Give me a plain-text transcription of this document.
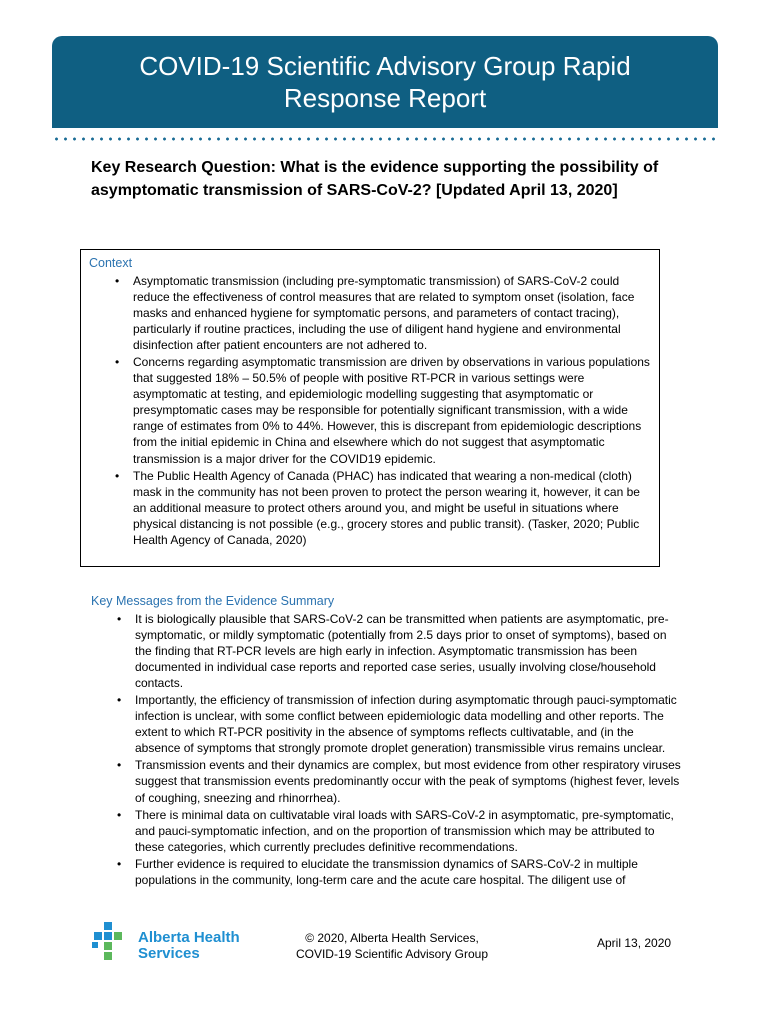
COVID-19 Scientific Advisory Group Rapid Response Report

Key Research Question: What is the evidence supporting the possibility of asymptomatic transmission of SARS-CoV-2? [Updated April 13, 2020]

Context
• Asymptomatic transmission (including pre-symptomatic transmission) of SARS-CoV-2 could reduce the effectiveness of control measures that are related to symptom onset (isolation, face masks and enhanced hygiene for symptomatic persons, and parameters of contact tracing), particularly if routine practices, including the use of diligent hand hygiene and environmental disinfection after patient encounters are not adhered to.
• Concerns regarding asymptomatic transmission are driven by observations in various populations that suggested 18% – 50.5% of people with positive RT-PCR in various settings were asymptomatic at testing, and epidemiologic modelling suggesting that asymptomatic or presymptomatic cases may be responsible for potentially significant transmission, with a wide range of estimates from 0% to 44%. However, this is discrepant from epidemiologic descriptions from the initial epidemic in China and elsewhere which do not suggest that asymptomatic transmission is a major driver for the COVID19 epidemic.
• The Public Health Agency of Canada (PHAC) has indicated that wearing a non-medical (cloth) mask in the community has not been proven to protect the person wearing it, however, it can be an additional measure to protect others around you, and might be useful in situations where physical distancing is not possible (e.g., grocery stores and public transit). (Tasker, 2020; Public Health Agency of Canada, 2020)
Key Messages from the Evidence Summary
• It is biologically plausible that SARS-CoV-2 can be transmitted when patients are asymptomatic, pre-symptomatic, or mildly symptomatic (potentially from 2.5 days prior to onset of symptoms), based on the finding that RT-PCR levels are high early in infection. Asymptomatic transmission has been documented in individual case reports and reported case series, usually involving close/household contacts.
• Importantly, the efficiency of transmission of infection during asymptomatic through pauci-symptomatic infection is unclear, with some conflict between epidemiologic data modelling and other reports. The extent to which RT-PCR positivity in the absence of symptoms reflects cultivatable, and (in the absence of symptoms that strongly promote droplet generation) transmissible virus remains unclear.
• Transmission events and their dynamics are complex, but most evidence from other respiratory viruses suggest that transmission events predominantly occur with the peak of symptoms (highest fever, levels of coughing, sneezing and rhinorrhea).
• There is minimal data on cultivatable viral loads with SARS-CoV-2 in asymptomatic, pre-symptomatic, and pauci-symptomatic infection, and on the proportion of transmission which may be attributed to these categories, which currently precludes definitive recommendations.
• Further evidence is required to elucidate the transmission dynamics of SARS-CoV-2 in multiple populations in the community, long-term care and the acute care hospital. The diligent use of
Alberta Health
Services
© 2020, Alberta Health Services,
COVID-19 Scientific Advisory Group
April 13, 2020
